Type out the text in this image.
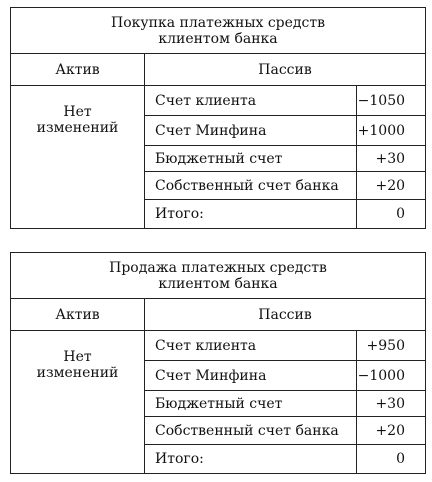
Покупка платежных средств
клиентом банка		

Актив	Пассив	

Нет
изменений	Счет клиента	−1050
	Счет Минфина	+1000
	Бюджетный счет	+30
	Собственный счет банка	+20
	Итого:	0
Продажа платежных средств
клиентом банка		

Актив	Пассив	

Нет
изменений	Счет клиента	+950
	Счет Минфина	−1000
	Бюджетный счет	+30
	Собственный счет банка	+20
	Итого:	0
